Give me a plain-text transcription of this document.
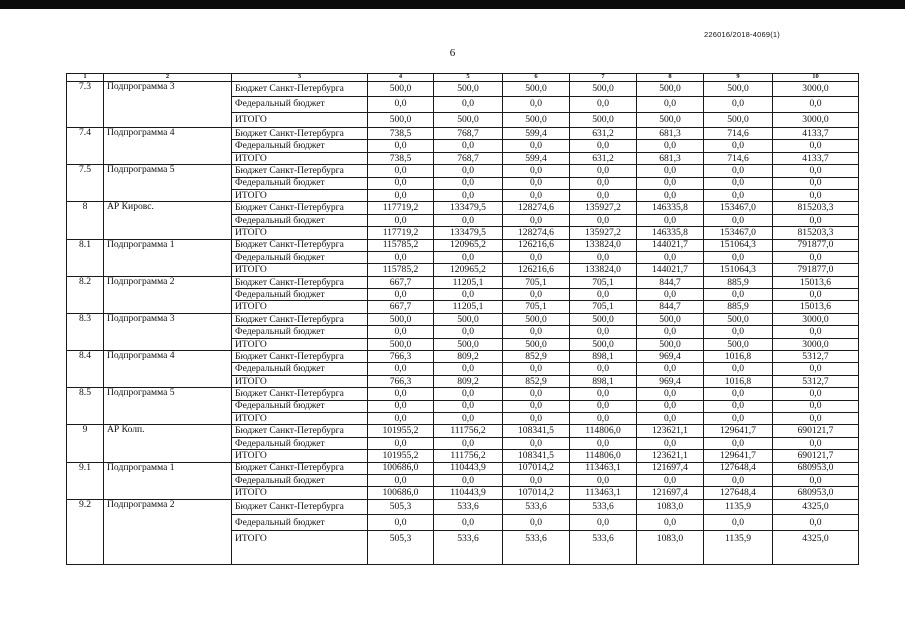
226016/2018-4069(1)
6
1	2	3	4	5	6	7	8	9	10
7.3	Подпрограмма 3	Бюджет Санкт-Петербурга	500,0	500,0	500,0	500,0	500,0	500,0	3000,0
		Федеральный бюджет	0,0	0,0	0,0	0,0	0,0	0,0	0,0
		ИТОГО	500,0	500,0	500,0	500,0	500,0	500,0	3000,0
7.4	Подпрограмма 4	Бюджет Санкт-Петербурга	738,5	768,7	599,4	631,2	681,3	714,6	4133,7
		Федеральный бюджет	0,0	0,0	0,0	0,0	0,0	0,0	0,0
		ИТОГО	738,5	768,7	599,4	631,2	681,3	714,6	4133,7
7.5	Подпрограмма 5	Бюджет Санкт-Петербурга	0,0	0,0	0,0	0,0	0,0	0,0	0,0
		Федеральный бюджет	0,0	0,0	0,0	0,0	0,0	0,0	0,0
		ИТОГО	0,0	0,0	0,0	0,0	0,0	0,0	0,0
8	АР Кировс.	Бюджет Санкт-Петербурга	117719,2	133479,5	128274,6	135927,2	146335,8	153467,0	815203,3
		Федеральный бюджет	0,0	0,0	0,0	0,0	0,0	0,0	0,0
		ИТОГО	117719,2	133479,5	128274,6	135927,2	146335,8	153467,0	815203,3
8.1	Подпрограмма 1	Бюджет Санкт-Петербурга	115785,2	120965,2	126216,6	133824,0	144021,7	151064,3	791877,0
		Федеральный бюджет	0,0	0,0	0,0	0,0	0,0	0,0	0,0
		ИТОГО	115785,2	120965,2	126216,6	133824,0	144021,7	151064,3	791877,0
8.2	Подпрограмма 2	Бюджет Санкт-Петербурга	667,7	11205,1	705,1	705,1	844,7	885,9	15013,6
		Федеральный бюджет	0,0	0,0	0,0	0,0	0,0	0,0	0,0
		ИТОГО	667,7	11205,1	705,1	705,1	844,7	885,9	15013,6
8.3	Подпрограмма 3	Бюджет Санкт-Петербурга	500,0	500,0	500,0	500,0	500,0	500,0	3000,0
		Федеральный бюджет	0,0	0,0	0,0	0,0	0,0	0,0	0,0
		ИТОГО	500,0	500,0	500,0	500,0	500,0	500,0	3000,0
8.4	Подпрограмма 4	Бюджет Санкт-Петербурга	766,3	809,2	852,9	898,1	969,4	1016,8	5312,7
		Федеральный бюджет	0,0	0,0	0,0	0,0	0,0	0,0	0,0
		ИТОГО	766,3	809,2	852,9	898,1	969,4	1016,8	5312,7
8.5	Подпрограмма 5	Бюджет Санкт-Петербурга	0,0	0,0	0,0	0,0	0,0	0,0	0,0
		Федеральный бюджет	0,0	0,0	0,0	0,0	0,0	0,0	0,0
		ИТОГО	0,0	0,0	0,0	0,0	0,0	0,0	0,0
9	АР Колп.	Бюджет Санкт-Петербурга	101955,2	111756,2	108341,5	114806,0	123621,1	129641,7	690121,7
		Федеральный бюджет	0,0	0,0	0,0	0,0	0,0	0,0	0,0
		ИТОГО	101955,2	111756,2	108341,5	114806,0	123621,1	129641,7	690121,7
9.1	Подпрограмма 1	Бюджет Санкт-Петербурга	100686,0	110443,9	107014,2	113463,1	121697,4	127648,4	680953,0
		Федеральный бюджет	0,0	0,0	0,0	0,0	0,0	0,0	0,0
		ИТОГО	100686,0	110443,9	107014,2	113463,1	121697,4	127648,4	680953,0
9.2	Подпрограмма 2	Бюджет Санкт-Петербурга	505,3	533,6	533,6	533,6	1083,0	1135,9	4325,0
		Федеральный бюджет	0,0	0,0	0,0	0,0	0,0	0,0	0,0
		ИТОГО	505,3	533,6	533,6	533,6	1083,0	1135,9	4325,0
